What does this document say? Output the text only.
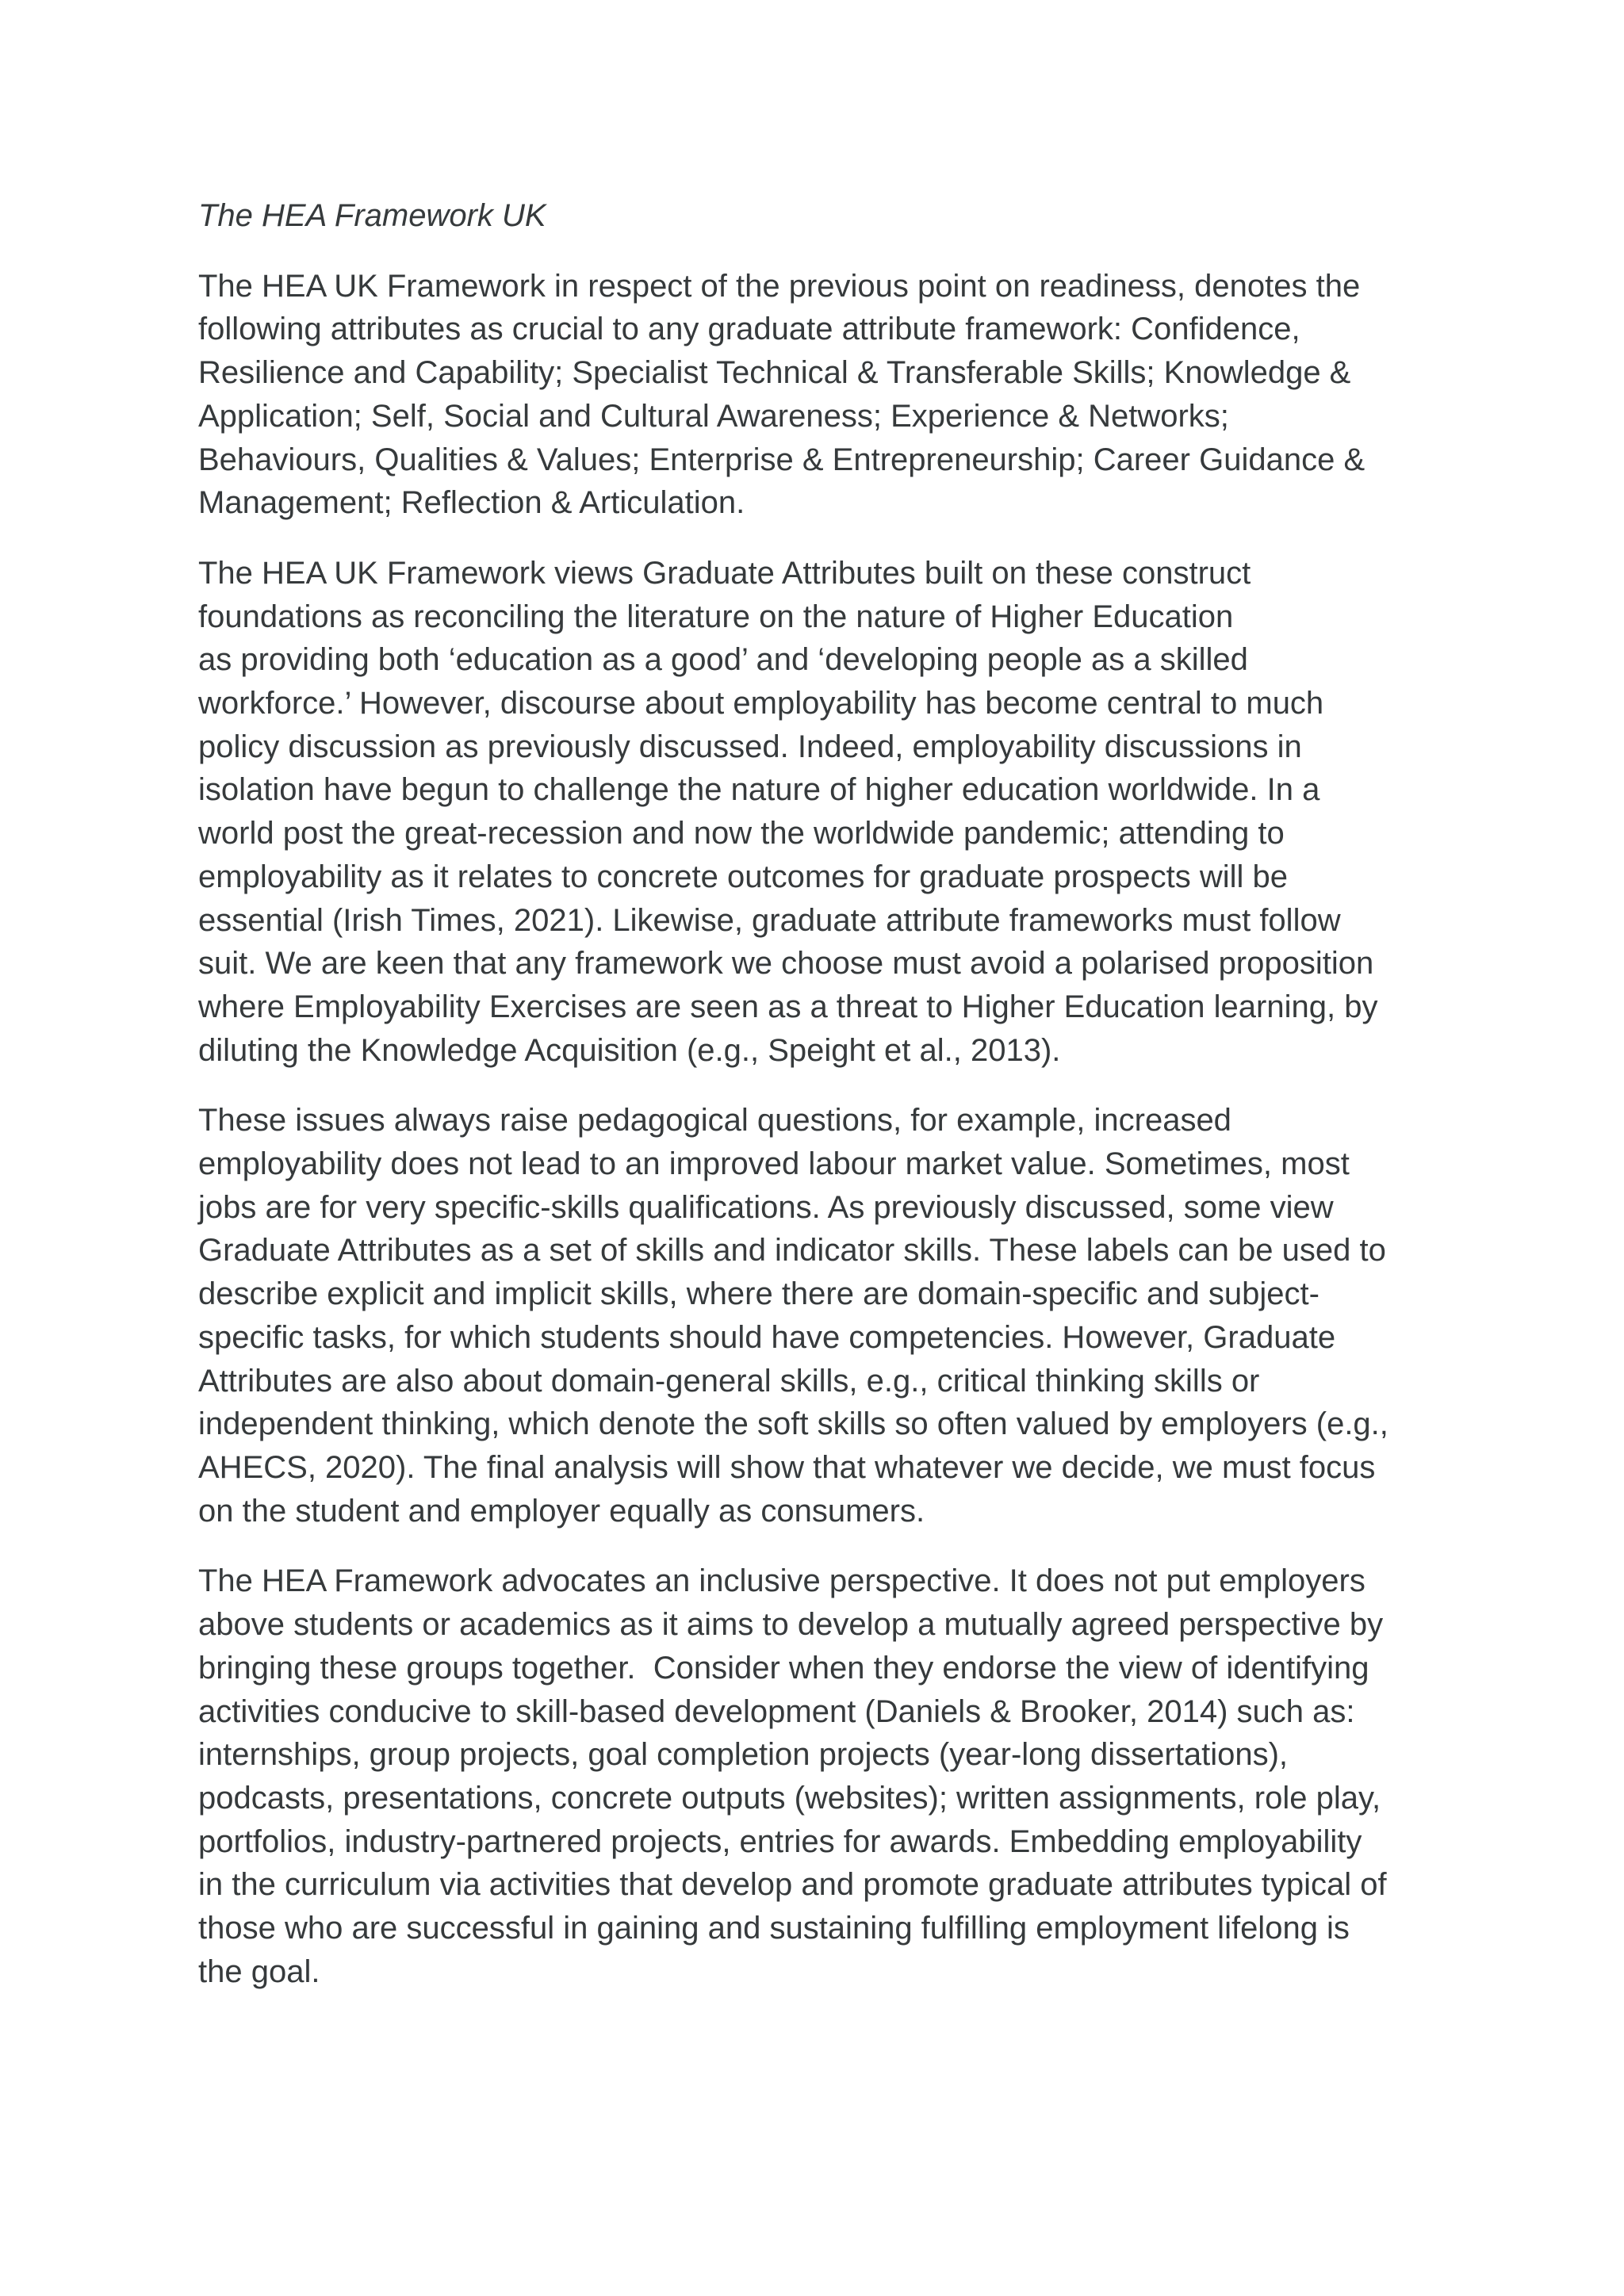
The HEA Framework UK

The HEA UK Framework in respect of the previous point on readiness, denotes the
following attributes as crucial to any graduate attribute framework: Confidence,
Resilience and Capability; Specialist Technical & Transferable Skills; Knowledge &
Application; Self, Social and Cultural Awareness; Experience & Networks;
Behaviours, Qualities & Values; Enterprise & Entrepreneurship; Career Guidance &
Management; Reflection & Articulation.

The HEA UK Framework views Graduate Attributes built on these construct
foundations as reconciling the literature on the nature of Higher Education
as providing both ‘education as a good’ and ‘developing people as a skilled
workforce.’ However, discourse about employability has become central to much
policy discussion as previously discussed. Indeed, employability discussions in
isolation have begun to challenge the nature of higher education worldwide. In a
world post the great-recession and now the worldwide pandemic; attending to
employability as it relates to concrete outcomes for graduate prospects will be
essential (Irish Times, 2021). Likewise, graduate attribute frameworks must follow
suit. We are keen that any framework we choose must avoid a polarised proposition
where Employability Exercises are seen as a threat to Higher Education learning, by
diluting the Knowledge Acquisition (e.g., Speight et al., 2013).

These issues always raise pedagogical questions, for example, increased
employability does not lead to an improved labour market value. Sometimes, most
jobs are for very specific-skills qualifications. As previously discussed, some view
Graduate Attributes as a set of skills and indicator skills. These labels can be used to
describe explicit and implicit skills, where there are domain-specific and subject-
specific tasks, for which students should have competencies. However, Graduate
Attributes are also about domain-general skills, e.g., critical thinking skills or
independent thinking, which denote the soft skills so often valued by employers (e.g.,
AHECS, 2020). The final analysis will show that whatever we decide, we must focus
on the student and employer equally as consumers.

The HEA Framework advocates an inclusive perspective. It does not put employers
above students or academics as it aims to develop a mutually agreed perspective by
bringing these groups together.  Consider when they endorse the view of identifying
activities conducive to skill-based development (Daniels & Brooker, 2014) such as:
internships, group projects, goal completion projects (year-long dissertations),
podcasts, presentations, concrete outputs (websites); written assignments, role play,
portfolios, industry-partnered projects, entries for awards. Embedding employability
in the curriculum via activities that develop and promote graduate attributes typical of
those who are successful in gaining and sustaining fulfilling employment lifelong is
the goal.
